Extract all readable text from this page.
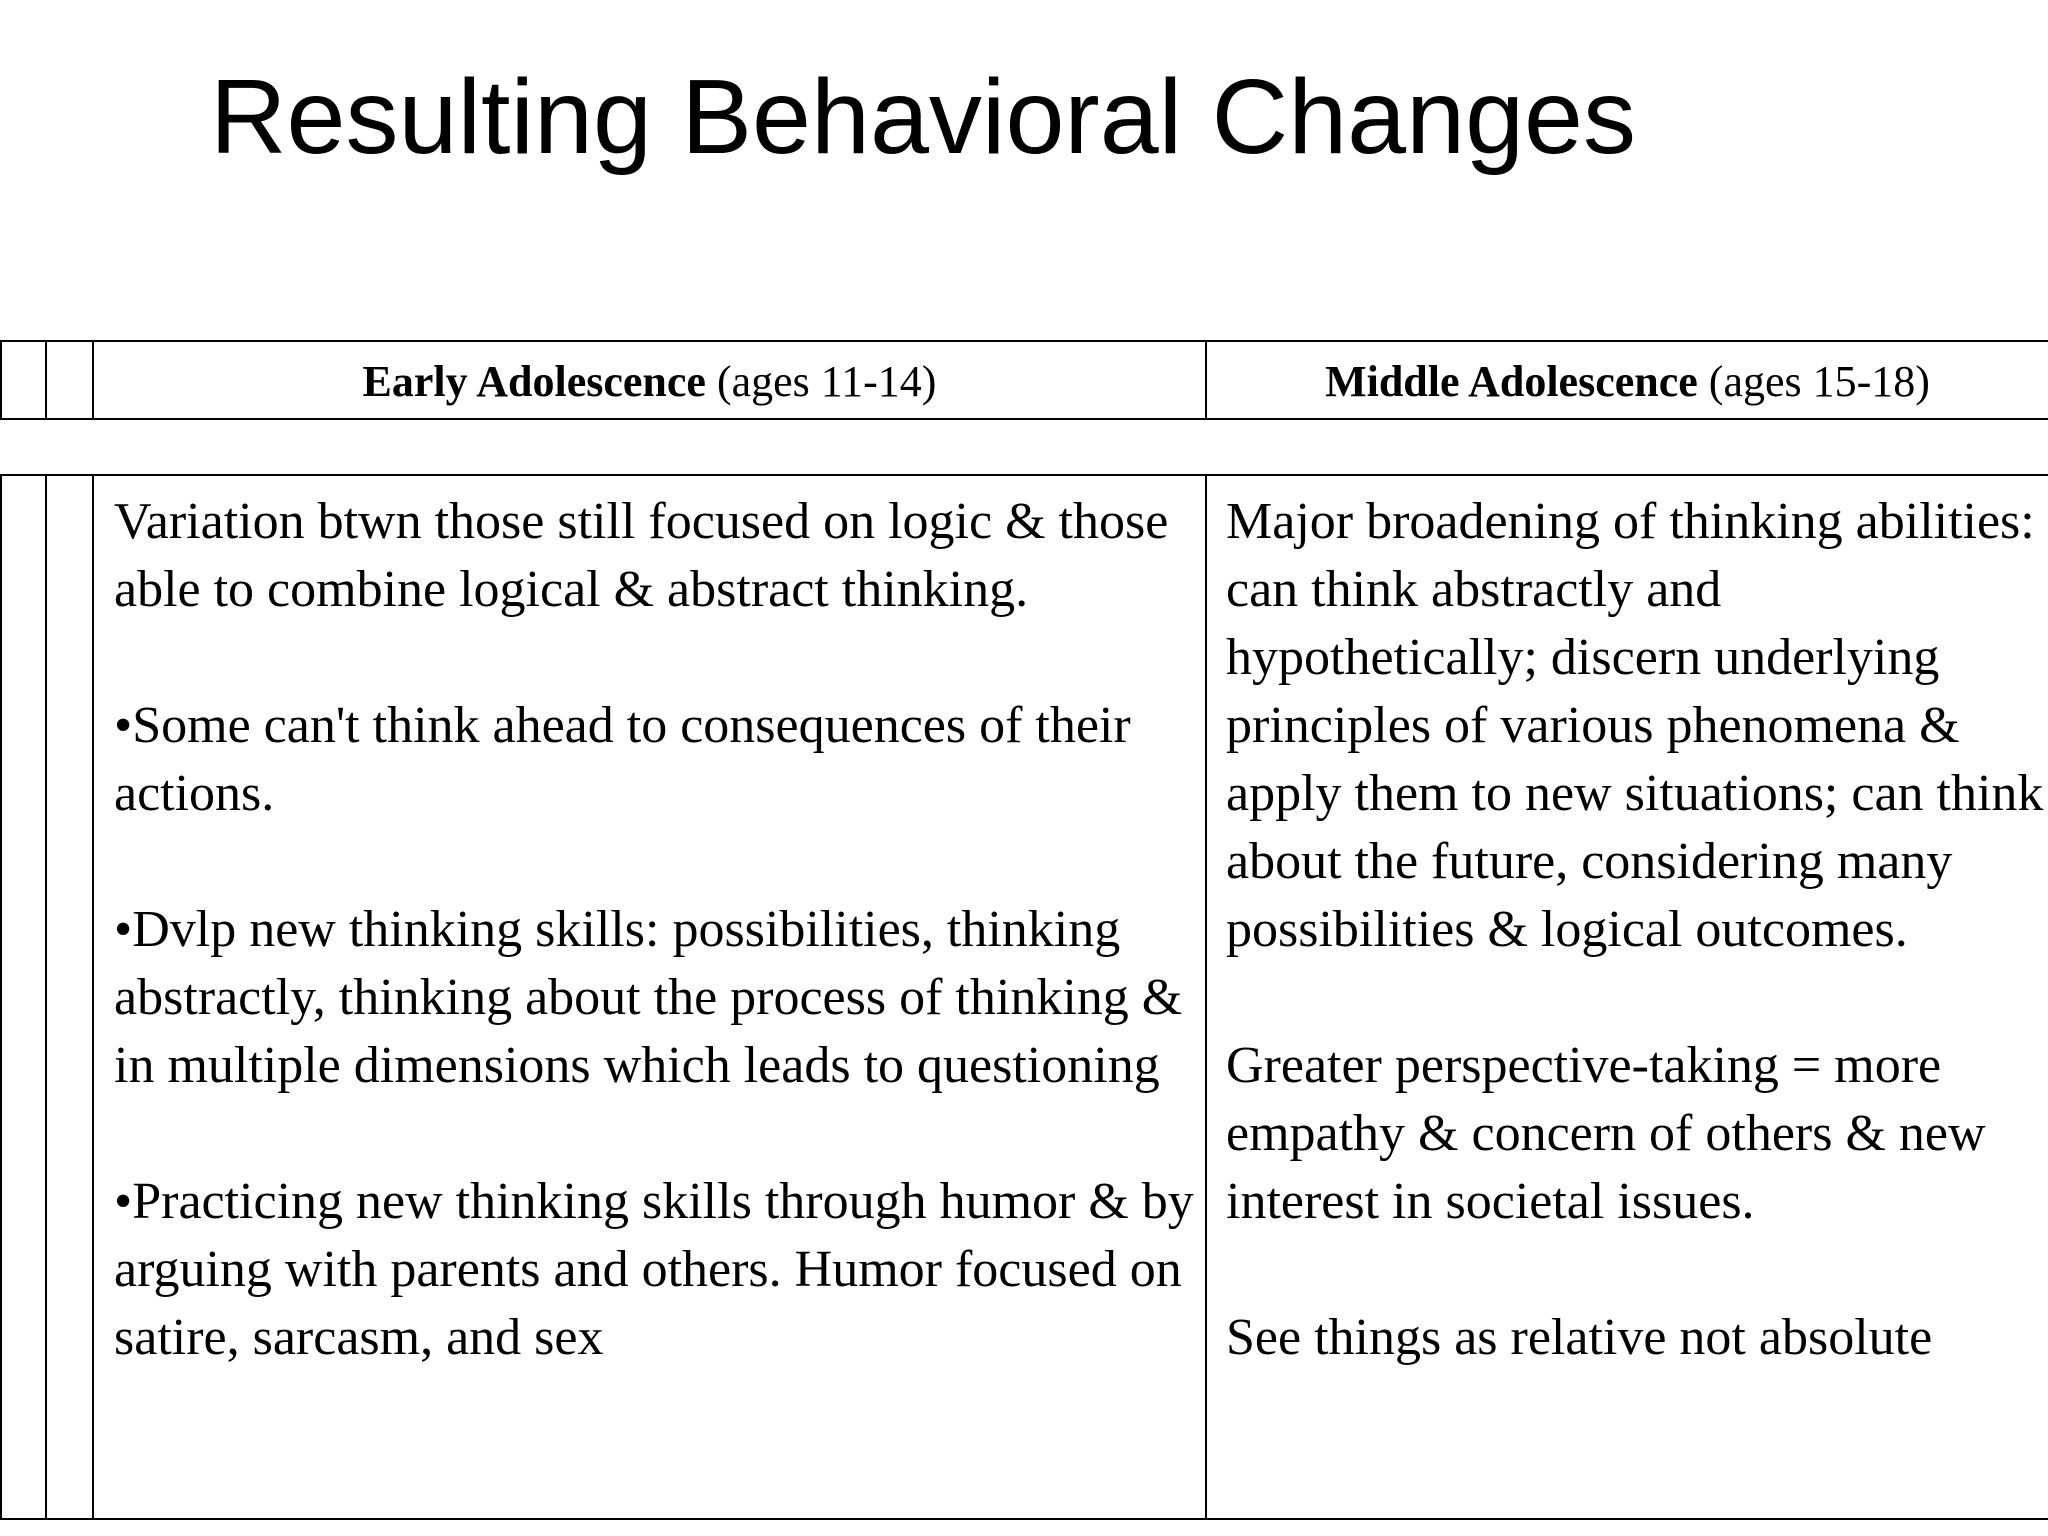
Resulting Behavioral Changes
Early Adolescence (ages 11-14)	Middle Adolescence (ages 15-18)

Variation btwn those still focused on logic & those able to combine logical & abstract thinking.

•Some can't think ahead to consequences of their actions.

•Dvlp new thinking skills: possibilities, thinking abstractly, thinking about the process of thinking & in multiple dimensions which leads to questioning

•Practicing new thinking skills through humor & by arguing with parents and others. Humor focused on satire, sarcasm, and sex

Major broadening of thinking abilities: can think abstractly and hypothetically; discern underlying principles of various phenomena & apply them to new situations; can think about the future, considering many possibilities & logical outcomes.

Greater perspective-taking = more empathy & concern of others & new interest in societal issues.

See things as relative not absolute
